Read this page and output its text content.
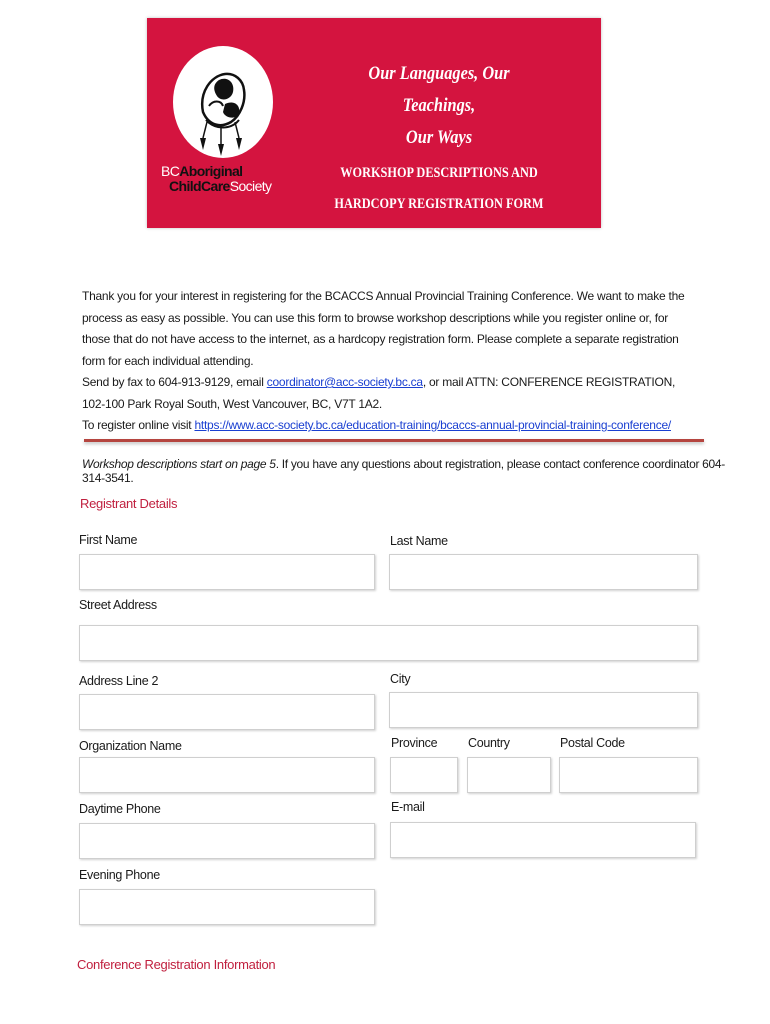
BCAboriginal
ChildCareSociety
Our Languages, Our Teachings,
Our Ways
WORKSHOP DESCRIPTIONS AND
HARDCOPY REGISTRATION FORM

Thank you for your interest in registering for the BCACCS Annual Provincial Training Conference. We want to make the process as easy as possible. You can use this form to browse workshop descriptions while you register online or, for those that do not have access to the internet, as a hardcopy registration form. Please complete a separate registration form for each individual attending.

Send by fax to 604-913-9129, email coordinator@acc-society.bc.ca, or mail ATTN: CONFERENCE REGISTRATION, 102-100 Park Royal South, West Vancouver, BC, V7T 1A2.

To register online visit https://www.acc-society.bc.ca/education-training/bcaccs-annual-provincial-training-conference/

Workshop descriptions start on page 5. If you have any questions about registration, please contact conference coordinator 604-314-3541.
Registrant Details
First Name	Last Name
Street Address
Address Line 2	City
Organization Name	Province Country	Postal Code
Daytime Phone	E-mail
Evening Phone
Conference Registration Information
